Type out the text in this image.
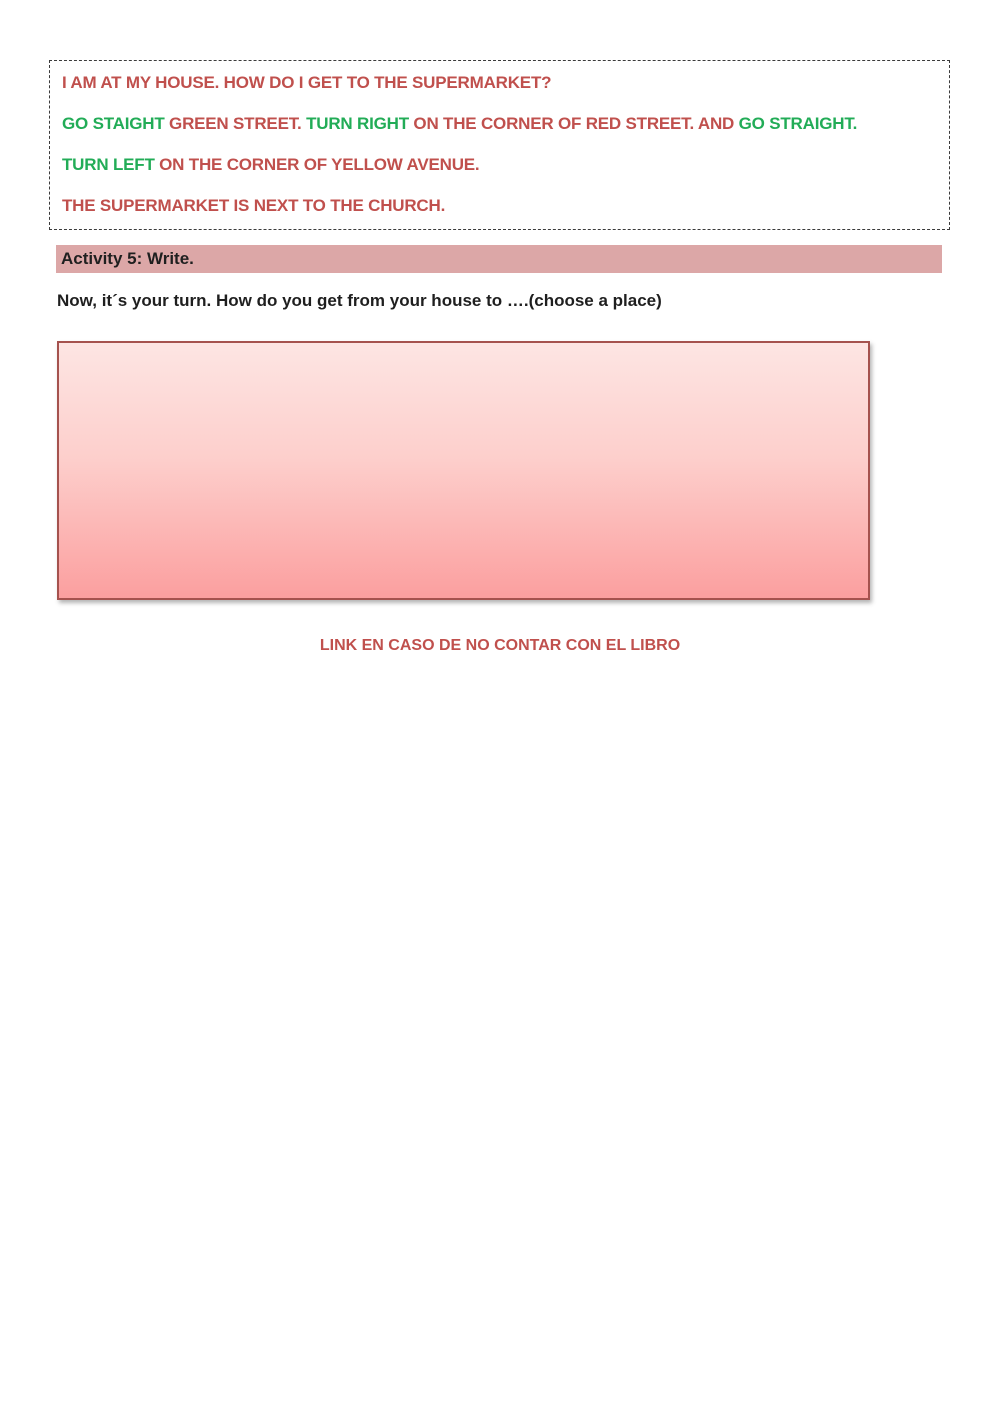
I AM AT MY HOUSE. HOW DO I GET TO THE SUPERMARKET?
GO STAIGHT GREEN STREET. TURN RIGHT ON THE CORNER OF RED STREET. AND GO STRAIGHT.
TURN LEFT ON THE CORNER OF YELLOW AVENUE.
THE SUPERMARKET IS NEXT TO THE CHURCH.
Activity 5: Write.
Now, it´s your turn. How do you get from your house to ….(choose a place)
LINK EN CASO DE NO CONTAR CON EL LIBRO
